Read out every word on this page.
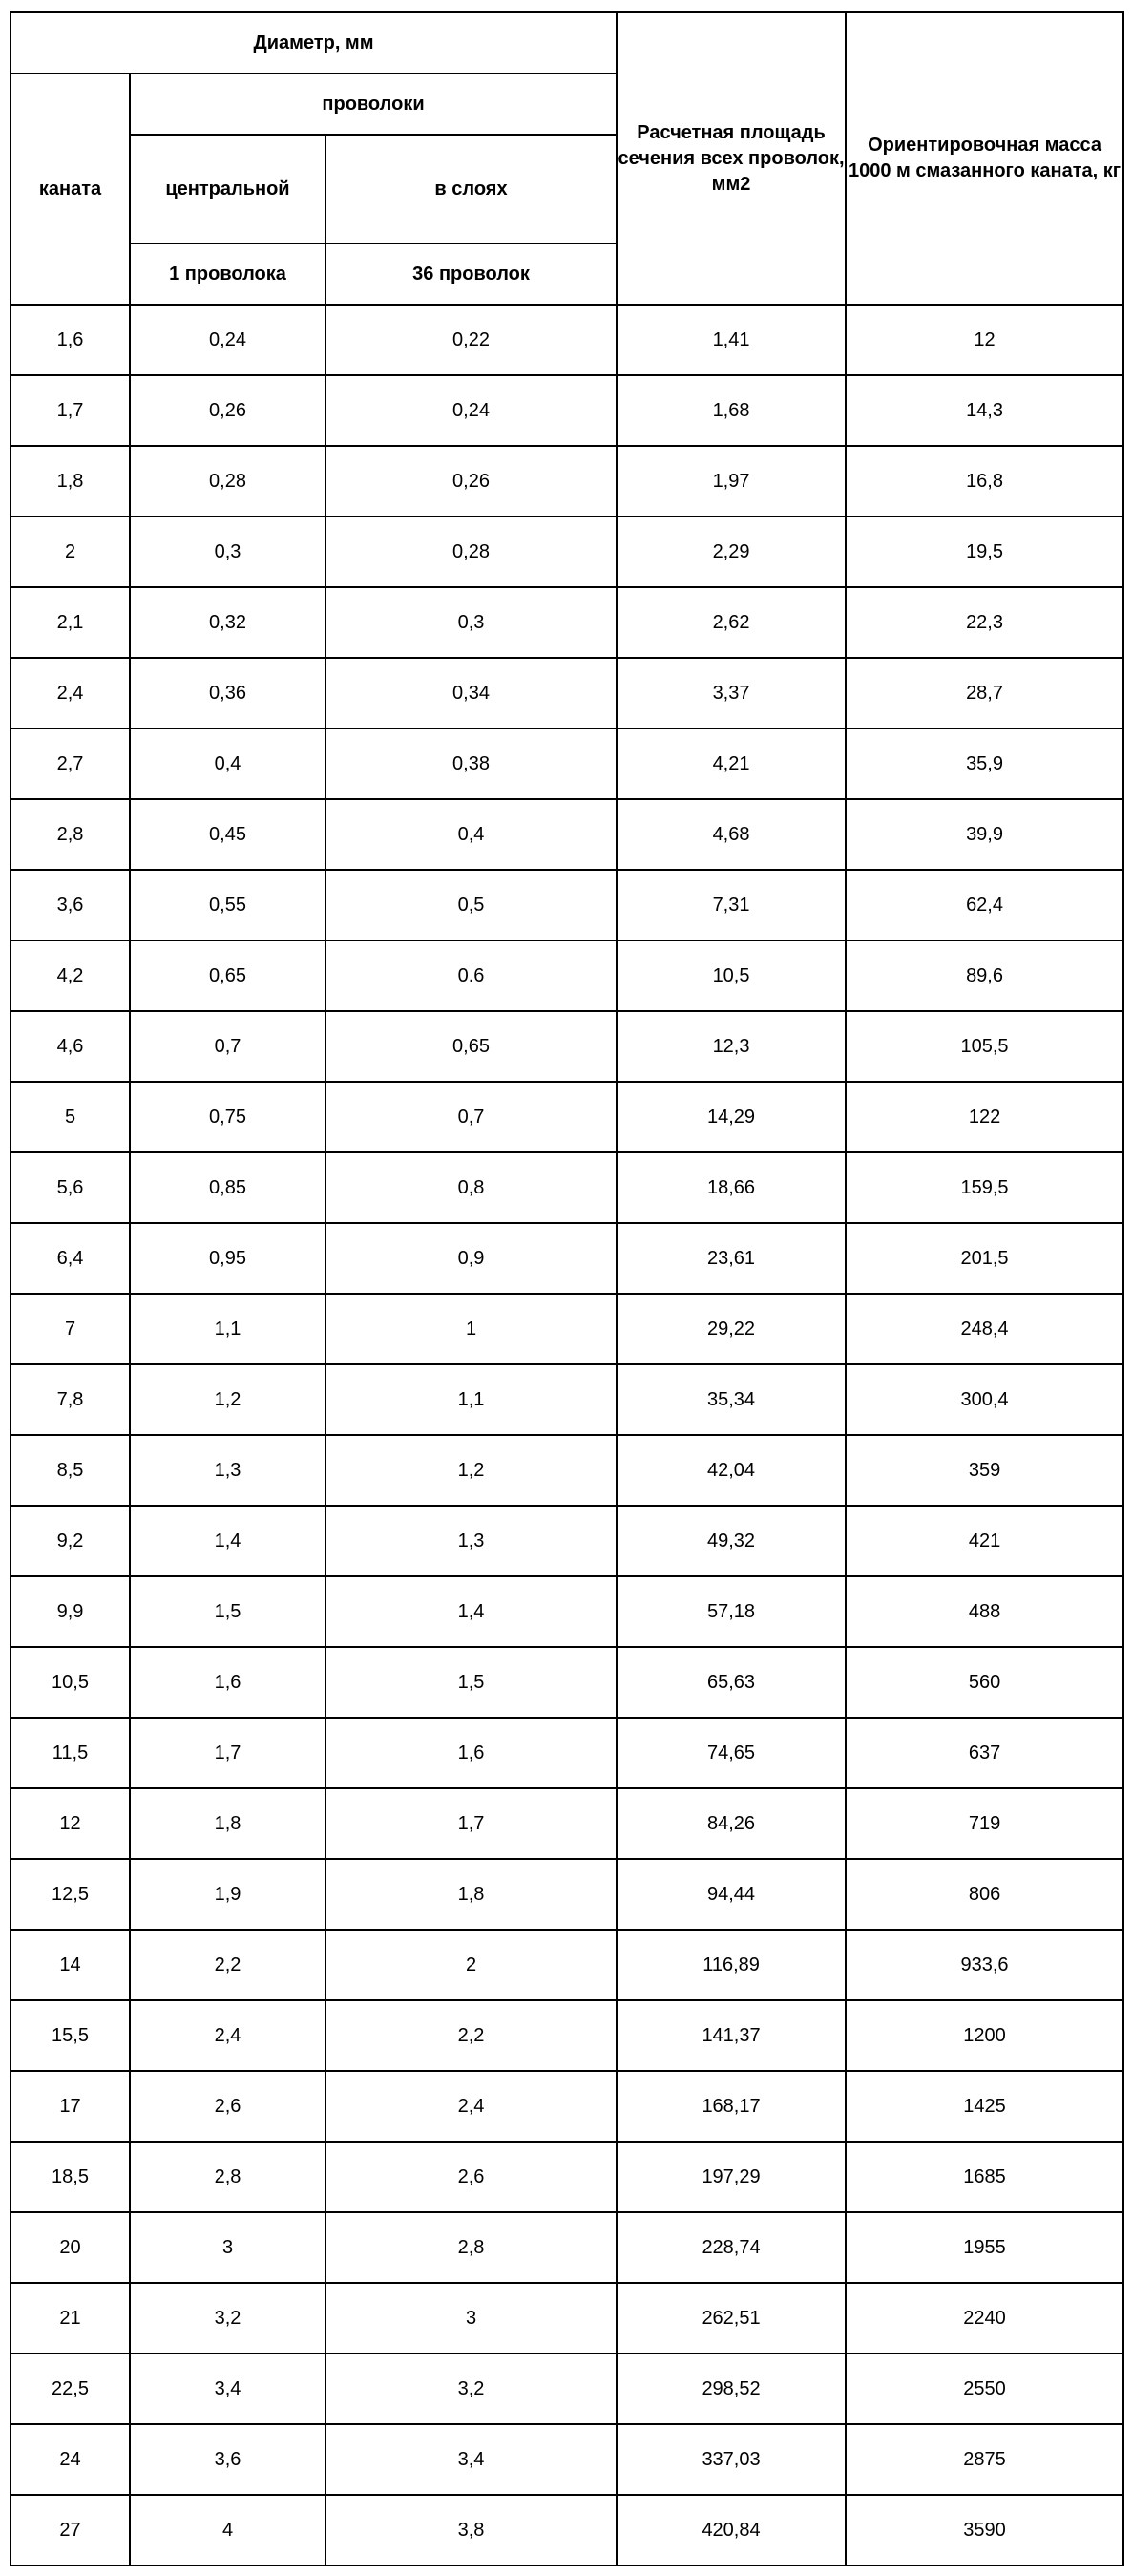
Диаметр, мм			Расчетная площадь сечения всех проволок, мм2	Ориентировочная масса 1000 м смазанного каната, кг
каната	проволоки			
	центральной	в слоях		
	1 проволока	36 проволок		
1,6	0,24	0,22	1,41	12
1,7	0,26	0,24	1,68	14,3
1,8	0,28	0,26	1,97	16,8
2	0,3	0,28	2,29	19,5
2,1	0,32	0,3	2,62	22,3
2,4	0,36	0,34	3,37	28,7
2,7	0,4	0,38	4,21	35,9
2,8	0,45	0,4	4,68	39,9
3,6	0,55	0,5	7,31	62,4
4,2	0,65	0.6	10,5	89,6
4,6	0,7	0,65	12,3	105,5
5	0,75	0,7	14,29	122
5,6	0,85	0,8	18,66	159,5
6,4	0,95	0,9	23,61	201,5
7	1,1	1	29,22	248,4
7,8	1,2	1,1	35,34	300,4
8,5	1,3	1,2	42,04	359
9,2	1,4	1,3	49,32	421
9,9	1,5	1,4	57,18	488
10,5	1,6	1,5	65,63	560
11,5	1,7	1,6	74,65	637
12	1,8	1,7	84,26	719
12,5	1,9	1,8	94,44	806
14	2,2	2	116,89	933,6
15,5	2,4	2,2	141,37	1200
17	2,6	2,4	168,17	1425
18,5	2,8	2,6	197,29	1685
20	3	2,8	228,74	1955
21	3,2	3	262,51	2240
22,5	3,4	3,2	298,52	2550
24	3,6	3,4	337,03	2875
27	4	3,8	420,84	3590
